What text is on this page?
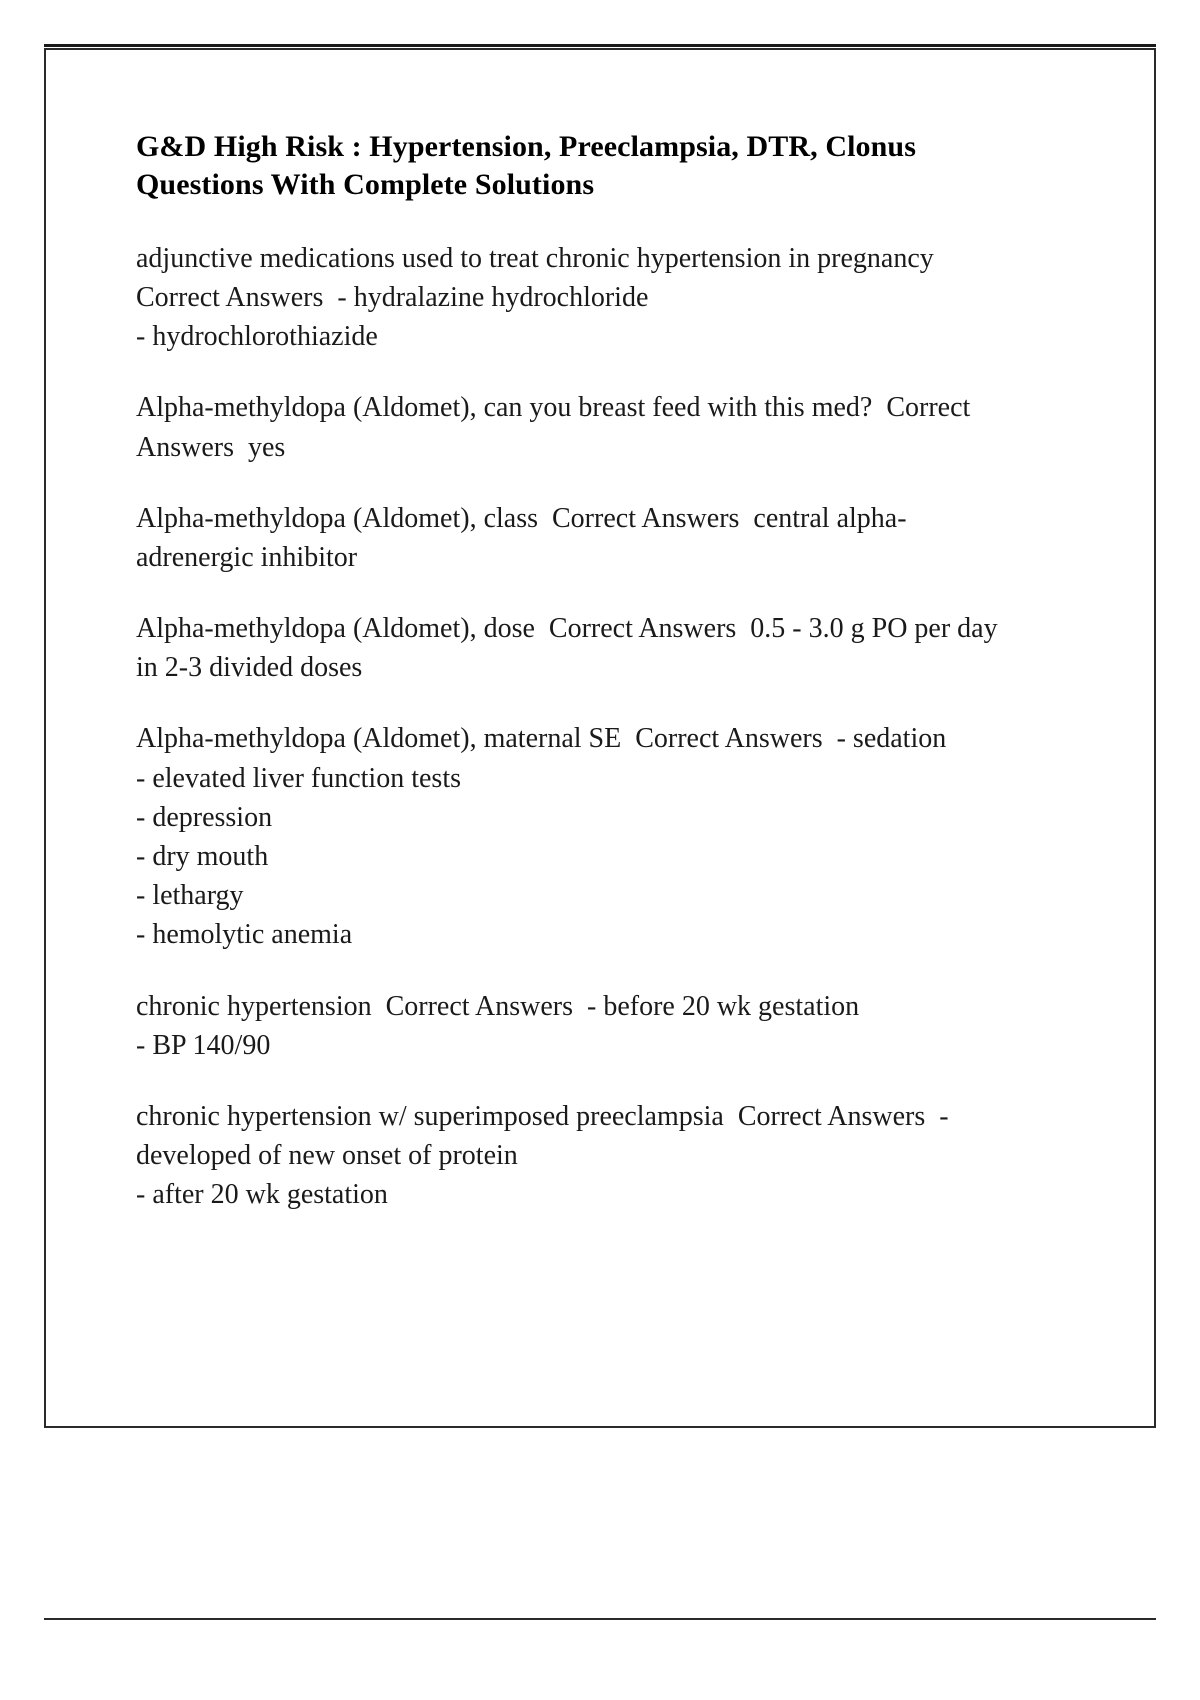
G&D High Risk : Hypertension, Preeclampsia, DTR, Clonus Questions With Complete Solutions
adjunctive medications used to treat chronic hypertension in pregnancy  Correct Answers  - hydralazine hydrochloride
- hydrochlorothiazide
Alpha-methyldopa (Aldomet), can you breast feed with this med?  Correct Answers  yes
Alpha-methyldopa (Aldomet), class  Correct Answers  central alpha-adrenergic inhibitor
Alpha-methyldopa (Aldomet), dose  Correct Answers  0.5 - 3.0 g PO per day in 2-3 divided doses
Alpha-methyldopa (Aldomet), maternal SE  Correct Answers  - sedation
- elevated liver function tests
- depression
- dry mouth
- lethargy
- hemolytic anemia
chronic hypertension  Correct Answers  - before 20 wk gestation
- BP 140/90
chronic hypertension w/ superimposed preeclampsia  Correct Answers  - developed of new onset of protein
- after 20 wk gestation
